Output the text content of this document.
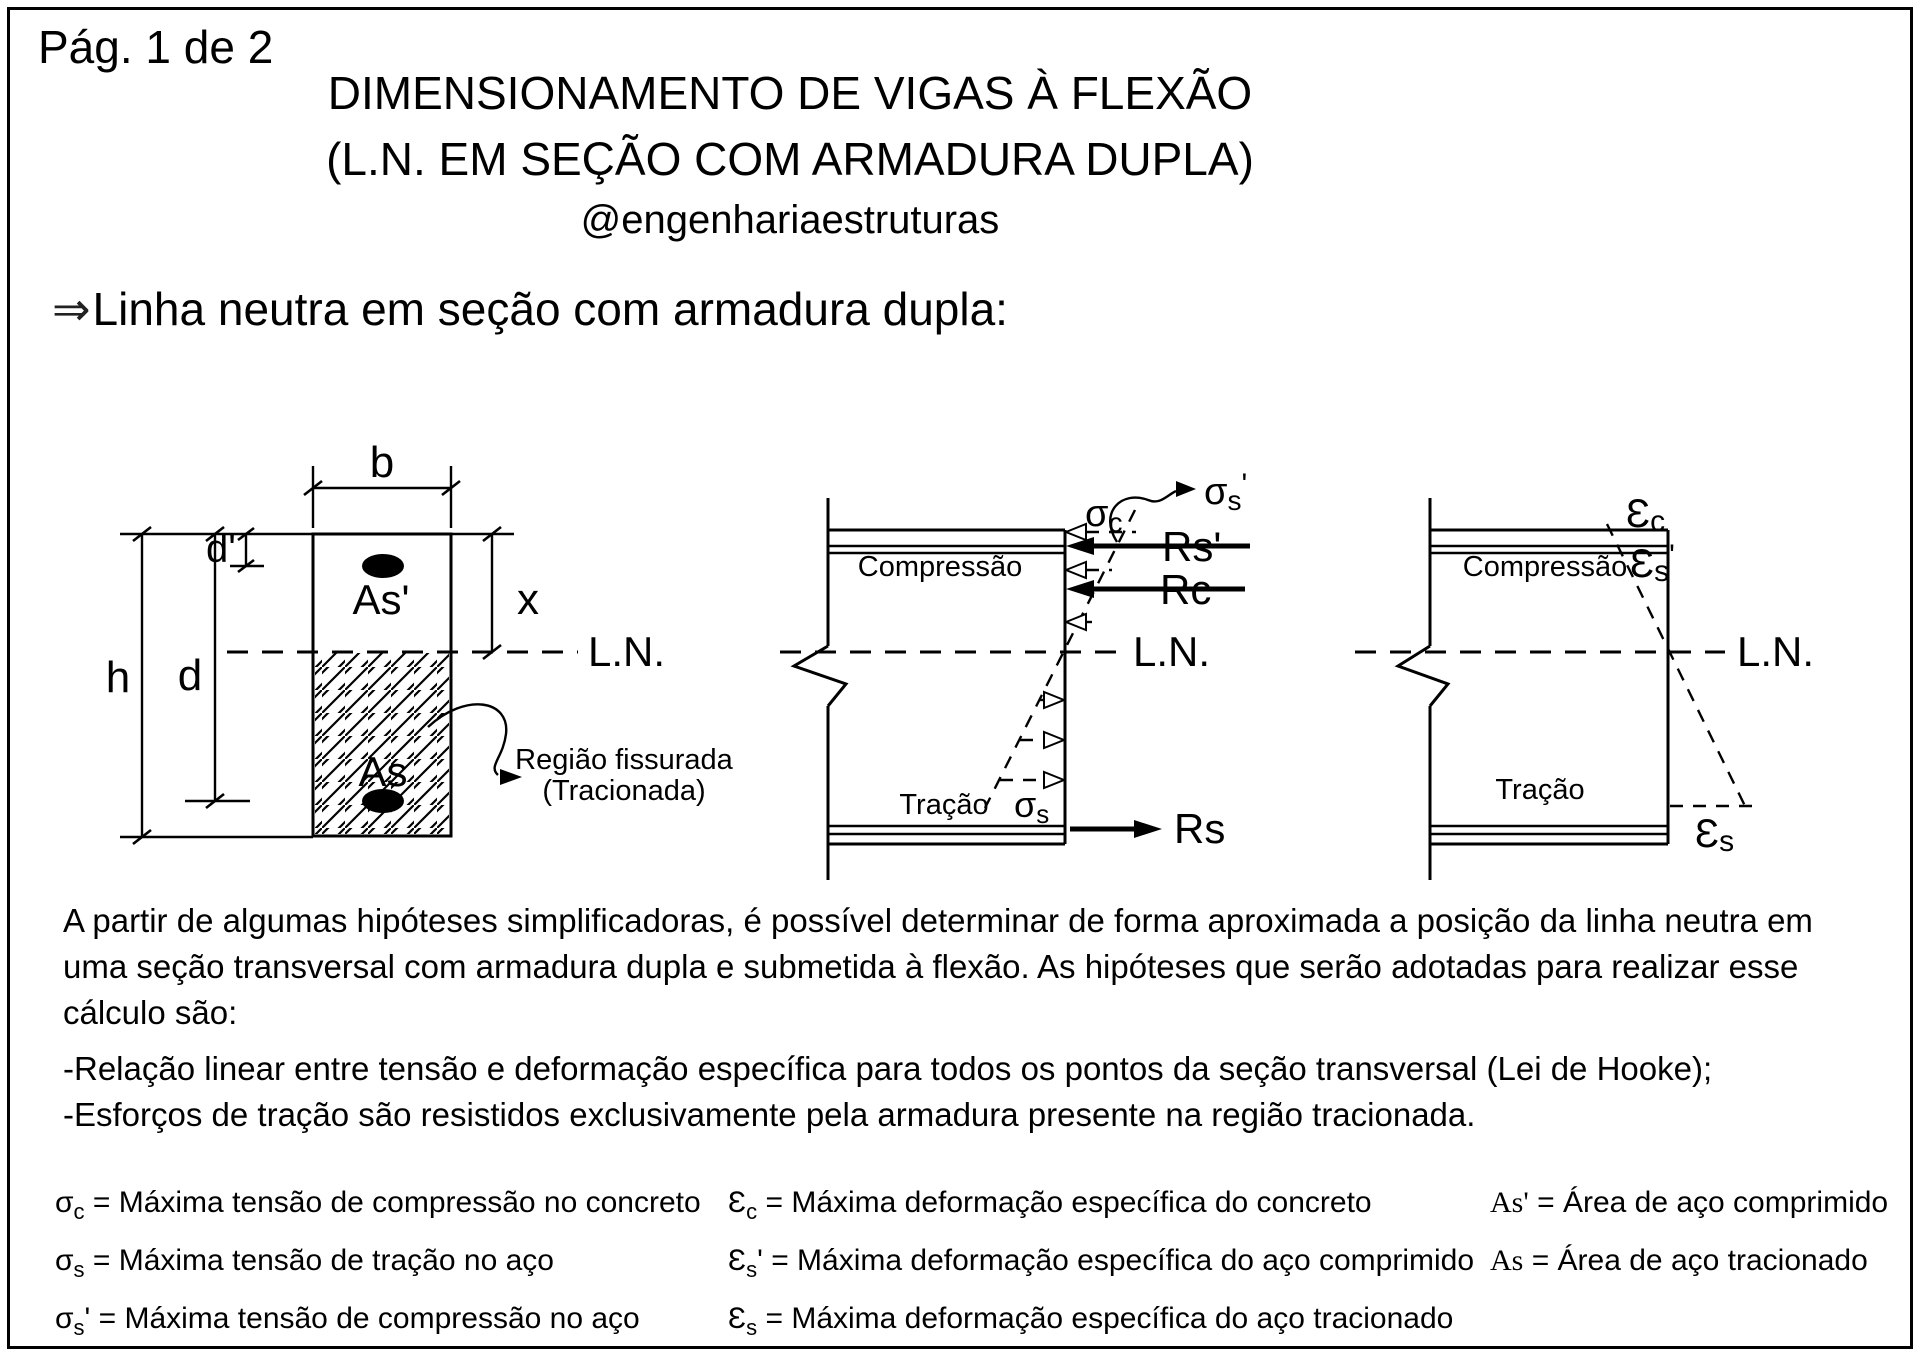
Pág. 1 de 2
DIMENSIONAMENTO DE VIGAS À FLEXÃO
(L.N. EM SEÇÃO COM ARMADURA DUPLA)
@engenhariaestruturas
⇒Linha neutra em seção com armadura dupla:
b
h d
d'
x
As'
As
L.N.
Região fissurada
(Tracionada)
Rs'
Rc
Rs
σc
σs'
Compressão
Tração σs
L.N.
Compressão
Tração
Ɛc
Ɛs'
Ɛs
L.N.
A partir de algumas hipóteses simplificadoras, é possível determinar de forma aproximada a posição da linha neutra em
uma seção transversal com armadura dupla e submetida à flexão. As hipóteses que serão adotadas para realizar esse
cálculo são:
-Relação linear entre tensão e deformação específica para todos os pontos da seção transversal (Lei de Hooke);
-Esforços de tração são resistidos exclusivamente pela armadura presente na região tracionada.
$\sigma_c$ = Máxima tensão de compressão no concreto
$\sigma_s$ = Máxima tensão de tração no aço
$\sigma_s'$ = Máxima tensão de compressão no aço
$Ɛ_c$ = Máxima deformação específica do concreto
$Ɛ_s'$ = Máxima deformação específica do aço comprimido
$Ɛ_s$ = Máxima deformação específica do aço tracionado
As' = Área de aço comprimido
As = Área de aço tracionado
